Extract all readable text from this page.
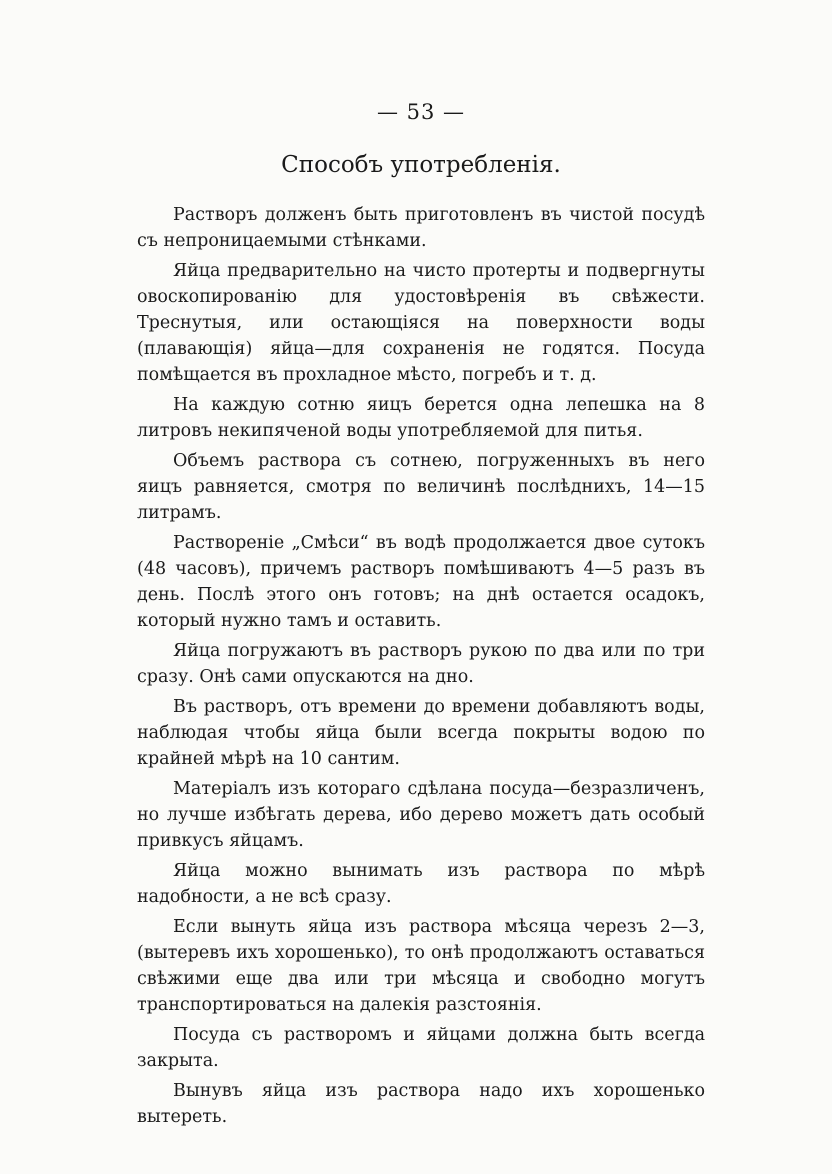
— 53 —
Способъ употребленія.

Растворъ долженъ быть приготовленъ въ чистой посудѣ съ непроницаемыми стѣнками.

Яйца предварительно на чисто протерты и подвергнуты овоскопированію для удостовѣренія въ свѣжести. Треснутыя, или остающіяся на поверхности воды (плавающія) яйца—для сохраненія не годятся. Посуда помѣщается въ прохладное мѣсто, погребъ и т. д.

На каждую сотню яицъ берется одна лепешка на 8 литровъ некипяченой воды употребляемой для питья.

Объемъ раствора съ сотнею, погруженныхъ въ него яицъ равняется, смотря по величинѣ послѣднихъ, 14—15 литрамъ.

Раствореніе „Смѣси“ въ водѣ продолжается двое сутокъ (48 часовъ), причемъ растворъ помѣшиваютъ 4—5 разъ въ день. Послѣ этого онъ готовъ; на днѣ остается осадокъ, который нужно тамъ и оставить.

Яйца погружаютъ въ растворъ рукою по два или по три сразу. Онѣ сами опускаются на дно.

Въ растворъ, отъ времени до времени добавляютъ воды, наблюдая чтобы яйца были всегда покрыты водою по крайней мѣрѣ на 10 сантим.

Матеріалъ изъ котораго сдѣлана посуда—безразличенъ, но лучше избѣгать дерева, ибо дерево можетъ дать особый привкусъ яйцамъ.

Яйца можно вынимать изъ раствора по мѣрѣ надобности, а не всѣ сразу.

Если вынуть яйца изъ раствора мѣсяца черезъ 2—3, (вытеревъ ихъ хорошенько), то онѣ продолжаютъ оставаться свѣжими еще два или три мѣсяца и свободно могутъ транспортироваться на далекія разстоянія.

Посуда съ растворомъ и яйцами должна быть всегда закрыта.

Вынувъ яйца изъ раствора надо ихъ хорошенько вытереть.
